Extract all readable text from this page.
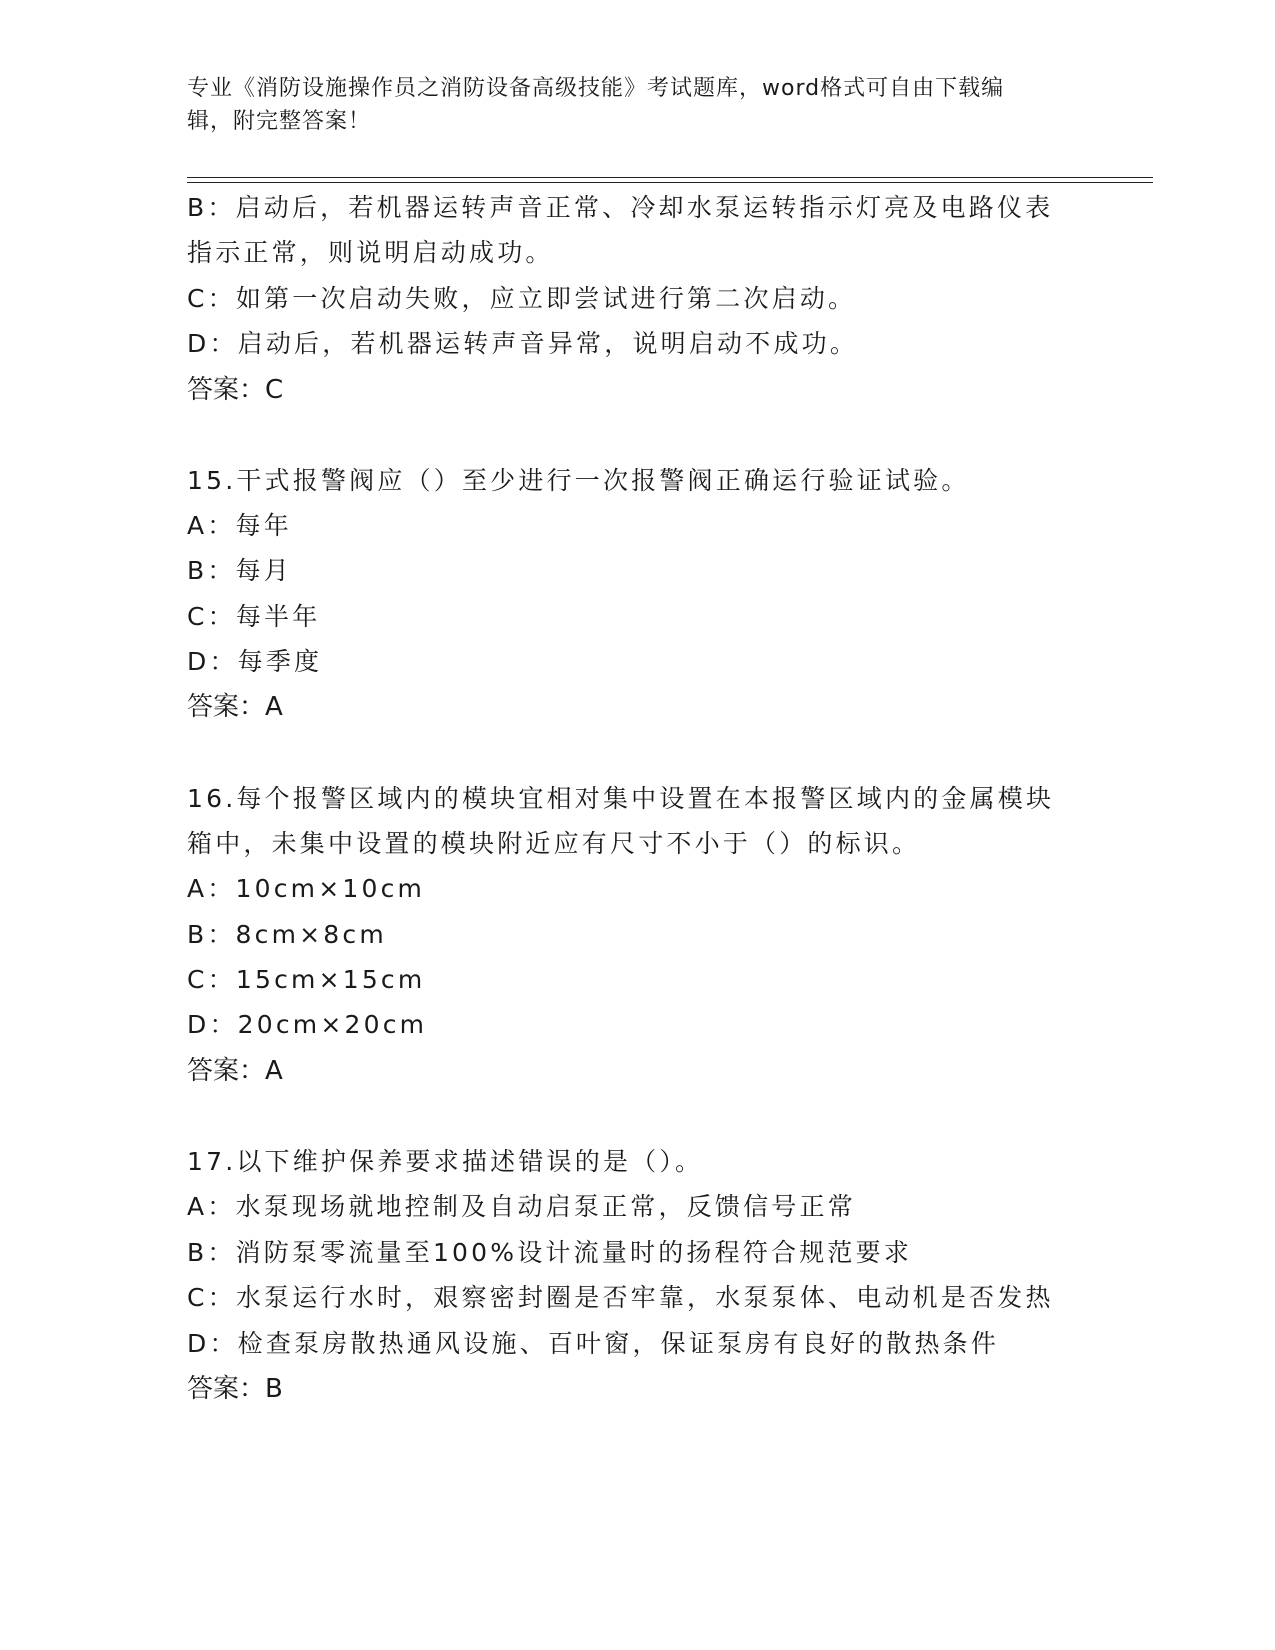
专业《消防设施操作员之消防设备高级技能》考试题库，word格式可自由下载编
辑，附完整答案！
B：启动后，若机器运转声音正常、冷却水泵运转指示灯亮及电路仪表
指示正常，则说明启动成功。
C：如第一次启动失败，应立即尝试进行第二次启动。
D：启动后，若机器运转声音异常，说明启动不成功。
答案：C
15.干式报警阀应（）至少进行一次报警阀正确运行验证试验。
A：每年
B：每月
C：每半年
D：每季度
答案：A
16.每个报警区域内的模块宜相对集中设置在本报警区域内的金属模块
箱中，未集中设置的模块附近应有尺寸不小于（）的标识。
A：10cm×10cm
B：8cm×8cm
C：15cm×15cm
D：20cm×20cm
答案：A
17.以下维护保养要求描述错误的是（）。
A：水泵现场就地控制及自动启泵正常，反馈信号正常
B：消防泵零流量至100%设计流量时的扬程符合规范要求
C：水泵运行水时，艰察密封圈是否牢靠，水泵泵体、电动机是否发热
D：检查泵房散热通风设施、百叶窗，保证泵房有良好的散热条件
答案：B
